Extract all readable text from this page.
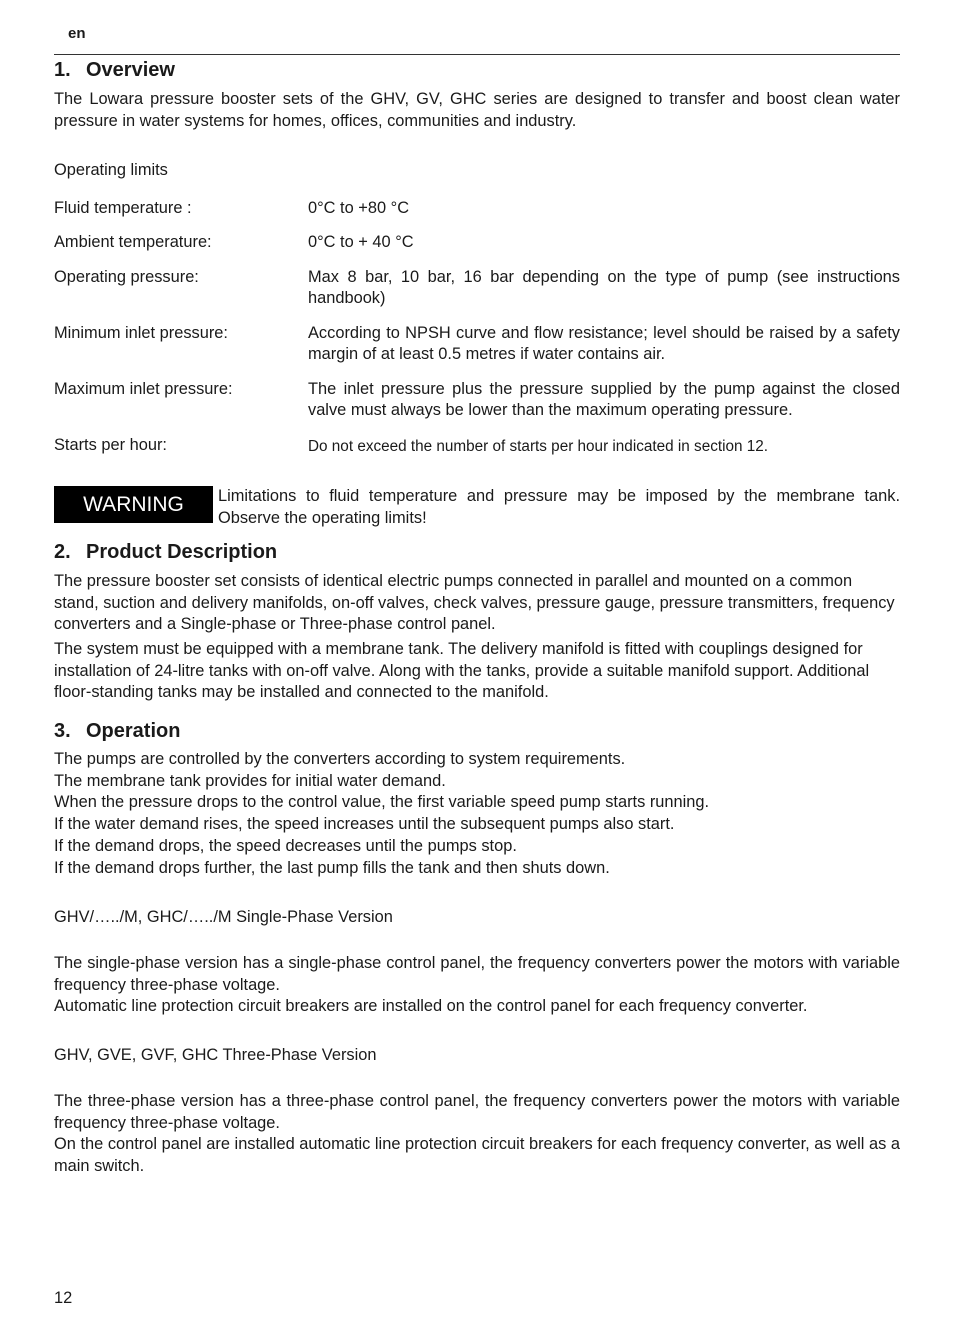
en
1. Overview

The Lowara pressure booster sets of the GHV, GV, GHC series are designed to transfer and boost clean water pressure in water systems for homes, offices, communities and industry.

Operating limits
Fluid temperature :	0°C to +80 °C
Ambient temperature:	0°C to + 40 °C
Operating pressure:	Max 8 bar, 10 bar, 16 bar depending on the type of pump (see instructions handbook)
Minimum inlet pressure:	According to NPSH curve and flow resistance; level should be raised by a safety margin of at least 0.5 metres if water contains air.
Maximum inlet pressure:	The inlet pressure plus the pressure supplied by the pump against the closed valve must always be lower than the maximum operating pressure.
Starts per hour:	Do not exceed the number of starts per hour indicated in section 12.
WARNING Limitations to fluid temperature and pressure may be imposed by the membrane tank. Observe the operating limits!

2. Product Description

The pressure booster set consists of identical electric pumps connected in parallel and mounted on a common stand, suction and delivery manifolds, on-off valves, check valves, pressure gauge, pressure transmitters, frequency converters and a Single-phase or Three-phase control panel.

The system must be equipped with a membrane tank. The delivery manifold is fitted with couplings designed for installation of 24-litre tanks with on-off valve. Along with the tanks, provide a suitable manifold support. Additional floor-standing tanks may be installed and connected to the manifold.

3. Operation
The pumps are controlled by the converters according to system requirements.
The membrane tank provides for initial water demand.
When the pressure drops to the control value, the first variable speed pump starts running.
If the water demand rises, the speed increases until the subsequent pumps also start.
If the demand drops, the speed decreases until the pumps stop.
If the demand drops further, the last pump fills the tank and then shuts down.
GHV/…../M, GHC/…../M Single-Phase Version

The single-phase version has a single-phase control panel, the frequency converters power the motors with variable frequency three-phase voltage.

Automatic line protection circuit breakers are installed on the control panel for each frequency converter.

GHV, GVE, GVF, GHC Three-Phase Version

The three-phase version has a three-phase control panel, the frequency converters power the motors with variable frequency three-phase voltage.

On the control panel are installed automatic line protection circuit breakers for each frequency converter, as well as a main switch.

12
